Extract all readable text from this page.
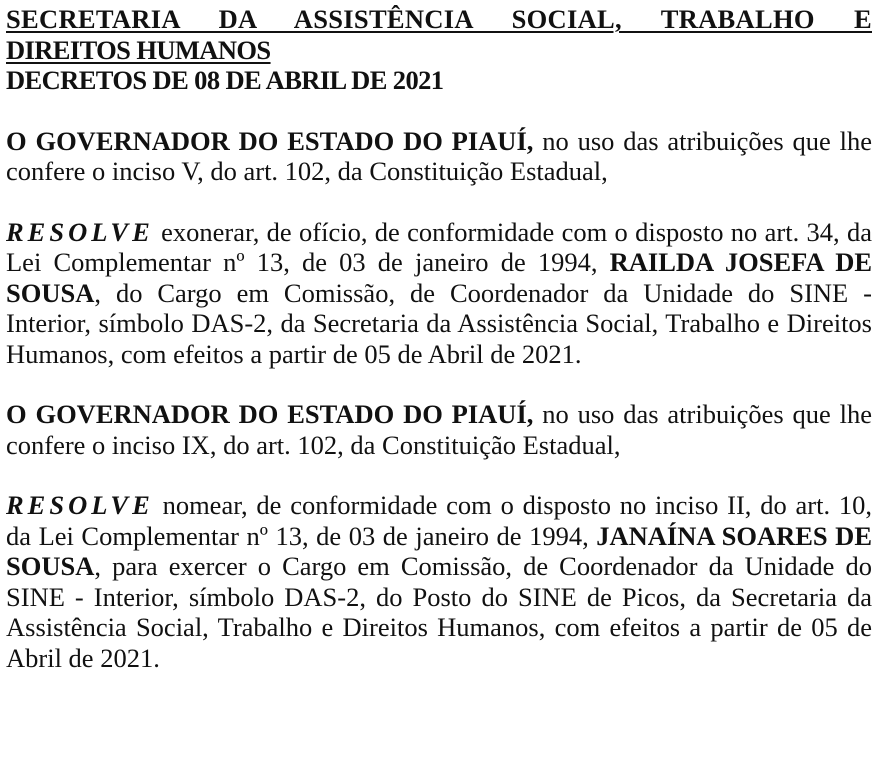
SECRETARIA DA ASSISTÊNCIA SOCIAL, TRABALHO E
DIREITOS HUMANOS
DECRETOS DE 08 DE ABRIL DE 2021

O GOVERNADOR DO ESTADO DO PIAUÍ, no uso das atribuições que lhe confere o inciso V, do art. 102, da Constituição Estadual,

RESOLVE exonerar, de ofício, de conformidade com o disposto no art. 34, da Lei Complementar nº 13, de 03 de janeiro de 1994, RAILDA JOSEFA DE SOUSA, do Cargo em Comissão, de Coordenador da Unidade do SINE - Interior, símbolo DAS-2, da Secretaria da Assistência Social, Trabalho e Direitos Humanos, com efeitos a partir de 05 de Abril de 2021.

O GOVERNADOR DO ESTADO DO PIAUÍ, no uso das atribuições que lhe confere o inciso IX, do art. 102, da Constituição Estadual,

RESOLVE nomear, de conformidade com o disposto no inciso II, do art. 10, da Lei Complementar nº 13, de 03 de janeiro de 1994, JANAÍNA SOARES DE SOUSA, para exercer o Cargo em Comissão, de Coordenador da Unidade do SINE - Interior, símbolo DAS-2, do Posto do SINE de Picos, da Secretaria da Assistência Social, Trabalho e Direitos Humanos, com efeitos a partir de 05 de Abril de 2021.
